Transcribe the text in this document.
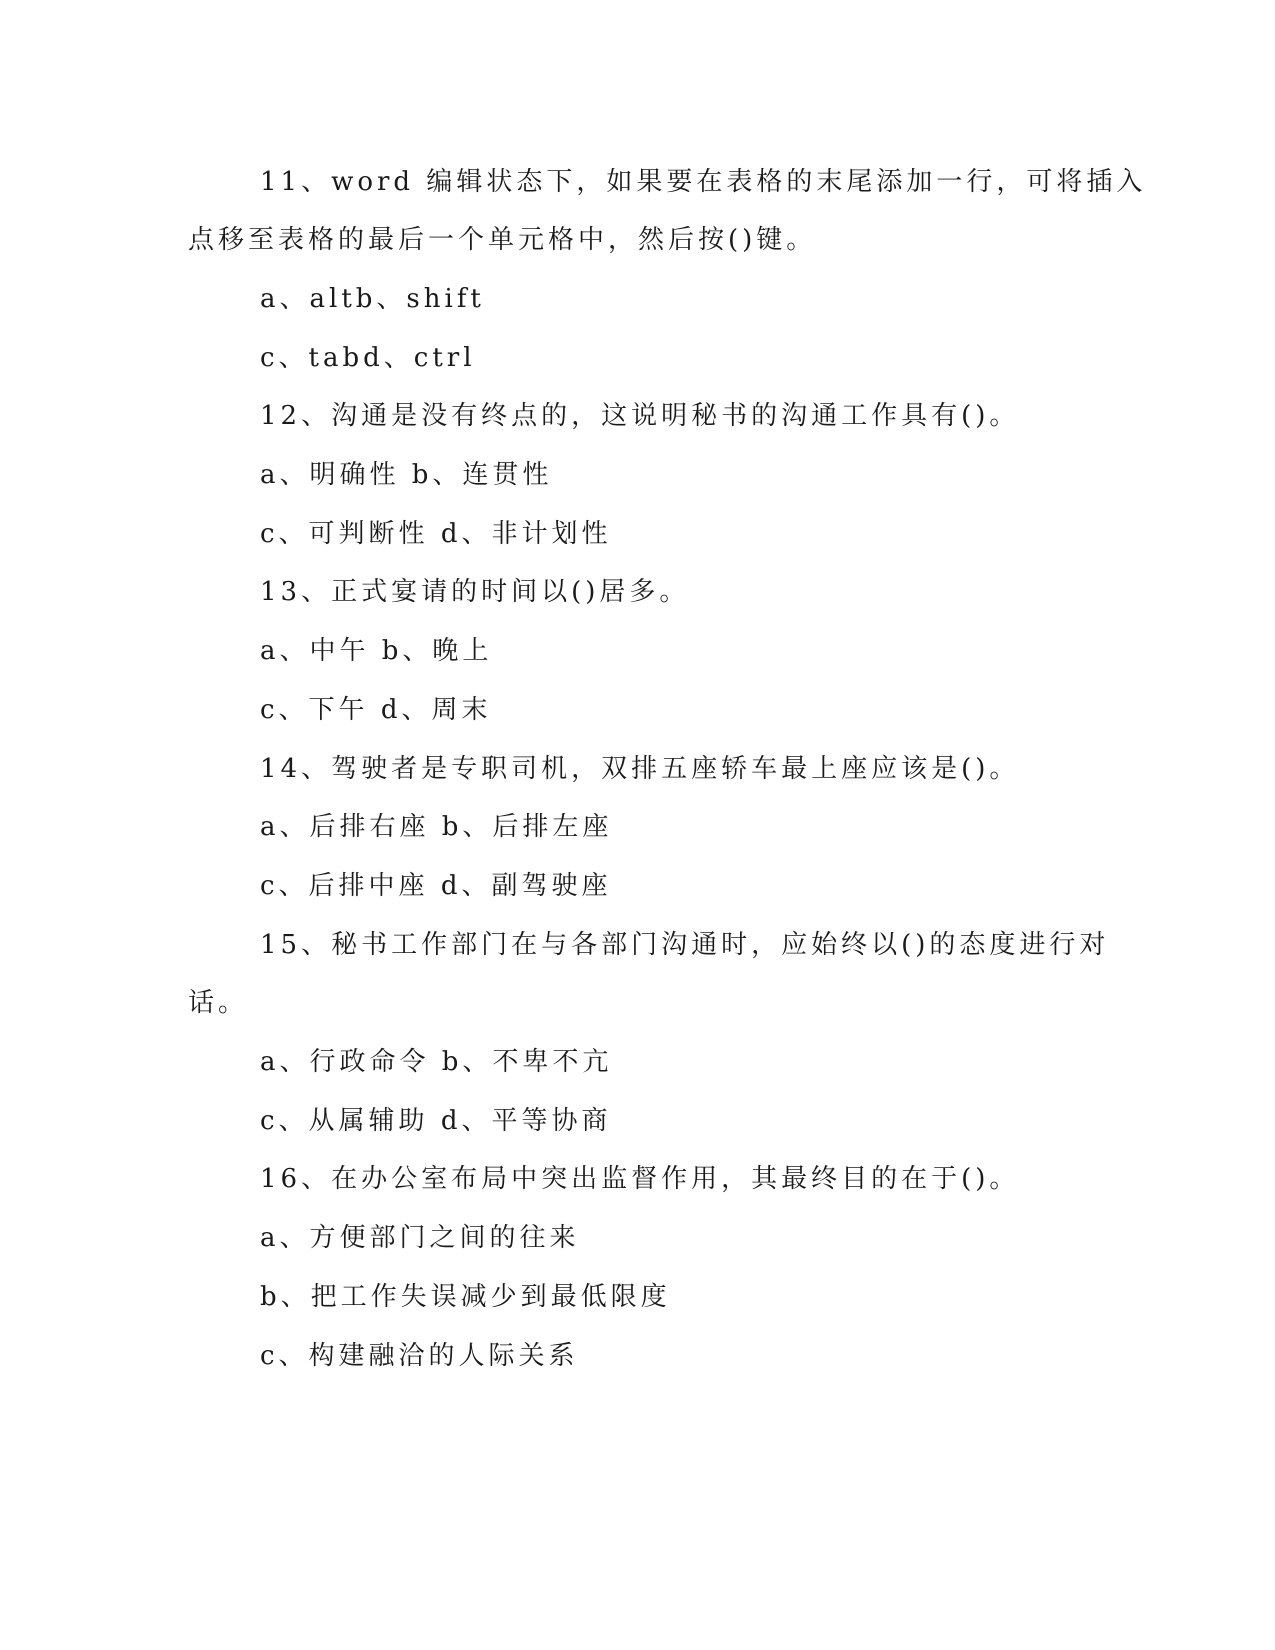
11、word 编辑状态下，如果要在表格的末尾添加一行，可将插入
点移至表格的最后一个单元格中，然后按()键。
a、altb、shift
c、tabd、ctrl
12、沟通是没有终点的，这说明秘书的沟通工作具有()。
a、明确性 b、连贯性
c、可判断性 d、非计划性
13、正式宴请的时间以()居多。
a、中午 b、晚上
c、下午 d、周末
14、驾驶者是专职司机，双排五座轿车最上座应该是()。
a、后排右座 b、后排左座
c、后排中座 d、副驾驶座
15、秘书工作部门在与各部门沟通时，应始终以()的态度进行对
话。
a、行政命令 b、不卑不亢
c、从属辅助 d、平等协商
16、在办公室布局中突出监督作用，其最终目的在于()。
a、方便部门之间的往来
b、把工作失误减少到最低限度
c、构建融洽的人际关系
